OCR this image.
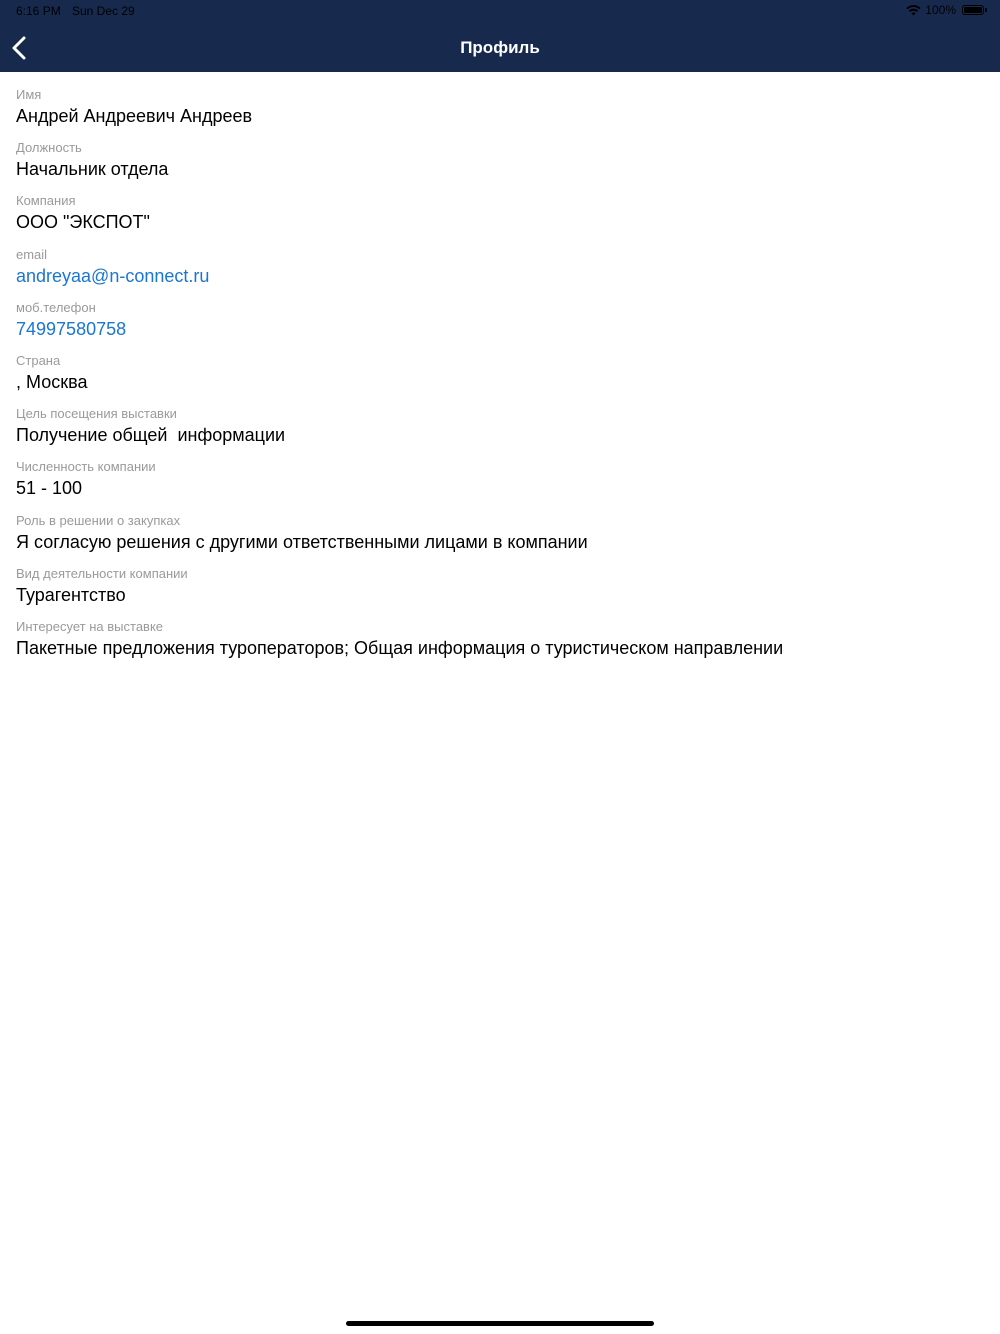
6:16 PM Sun Dec 29	100%
Профиль
Имя
Андрей Андреевич Андреев
Должность
Начальник отдела
Компания
ООО "ЭКСПОТ"
email
andreyaa@n-connect.ru
моб.телефон
74997580758
Страна
, Москва
Цель посещения выставки
Получение общей  информации
Численность компании
51 - 100
Роль в решении о закупках
Я согласую решения с другими ответственными лицами в компании
Вид деятельности компании
Турагентство
Интересует на выставке
Пакетные предложения туроператоров; Общая информация о туристическом направлении
